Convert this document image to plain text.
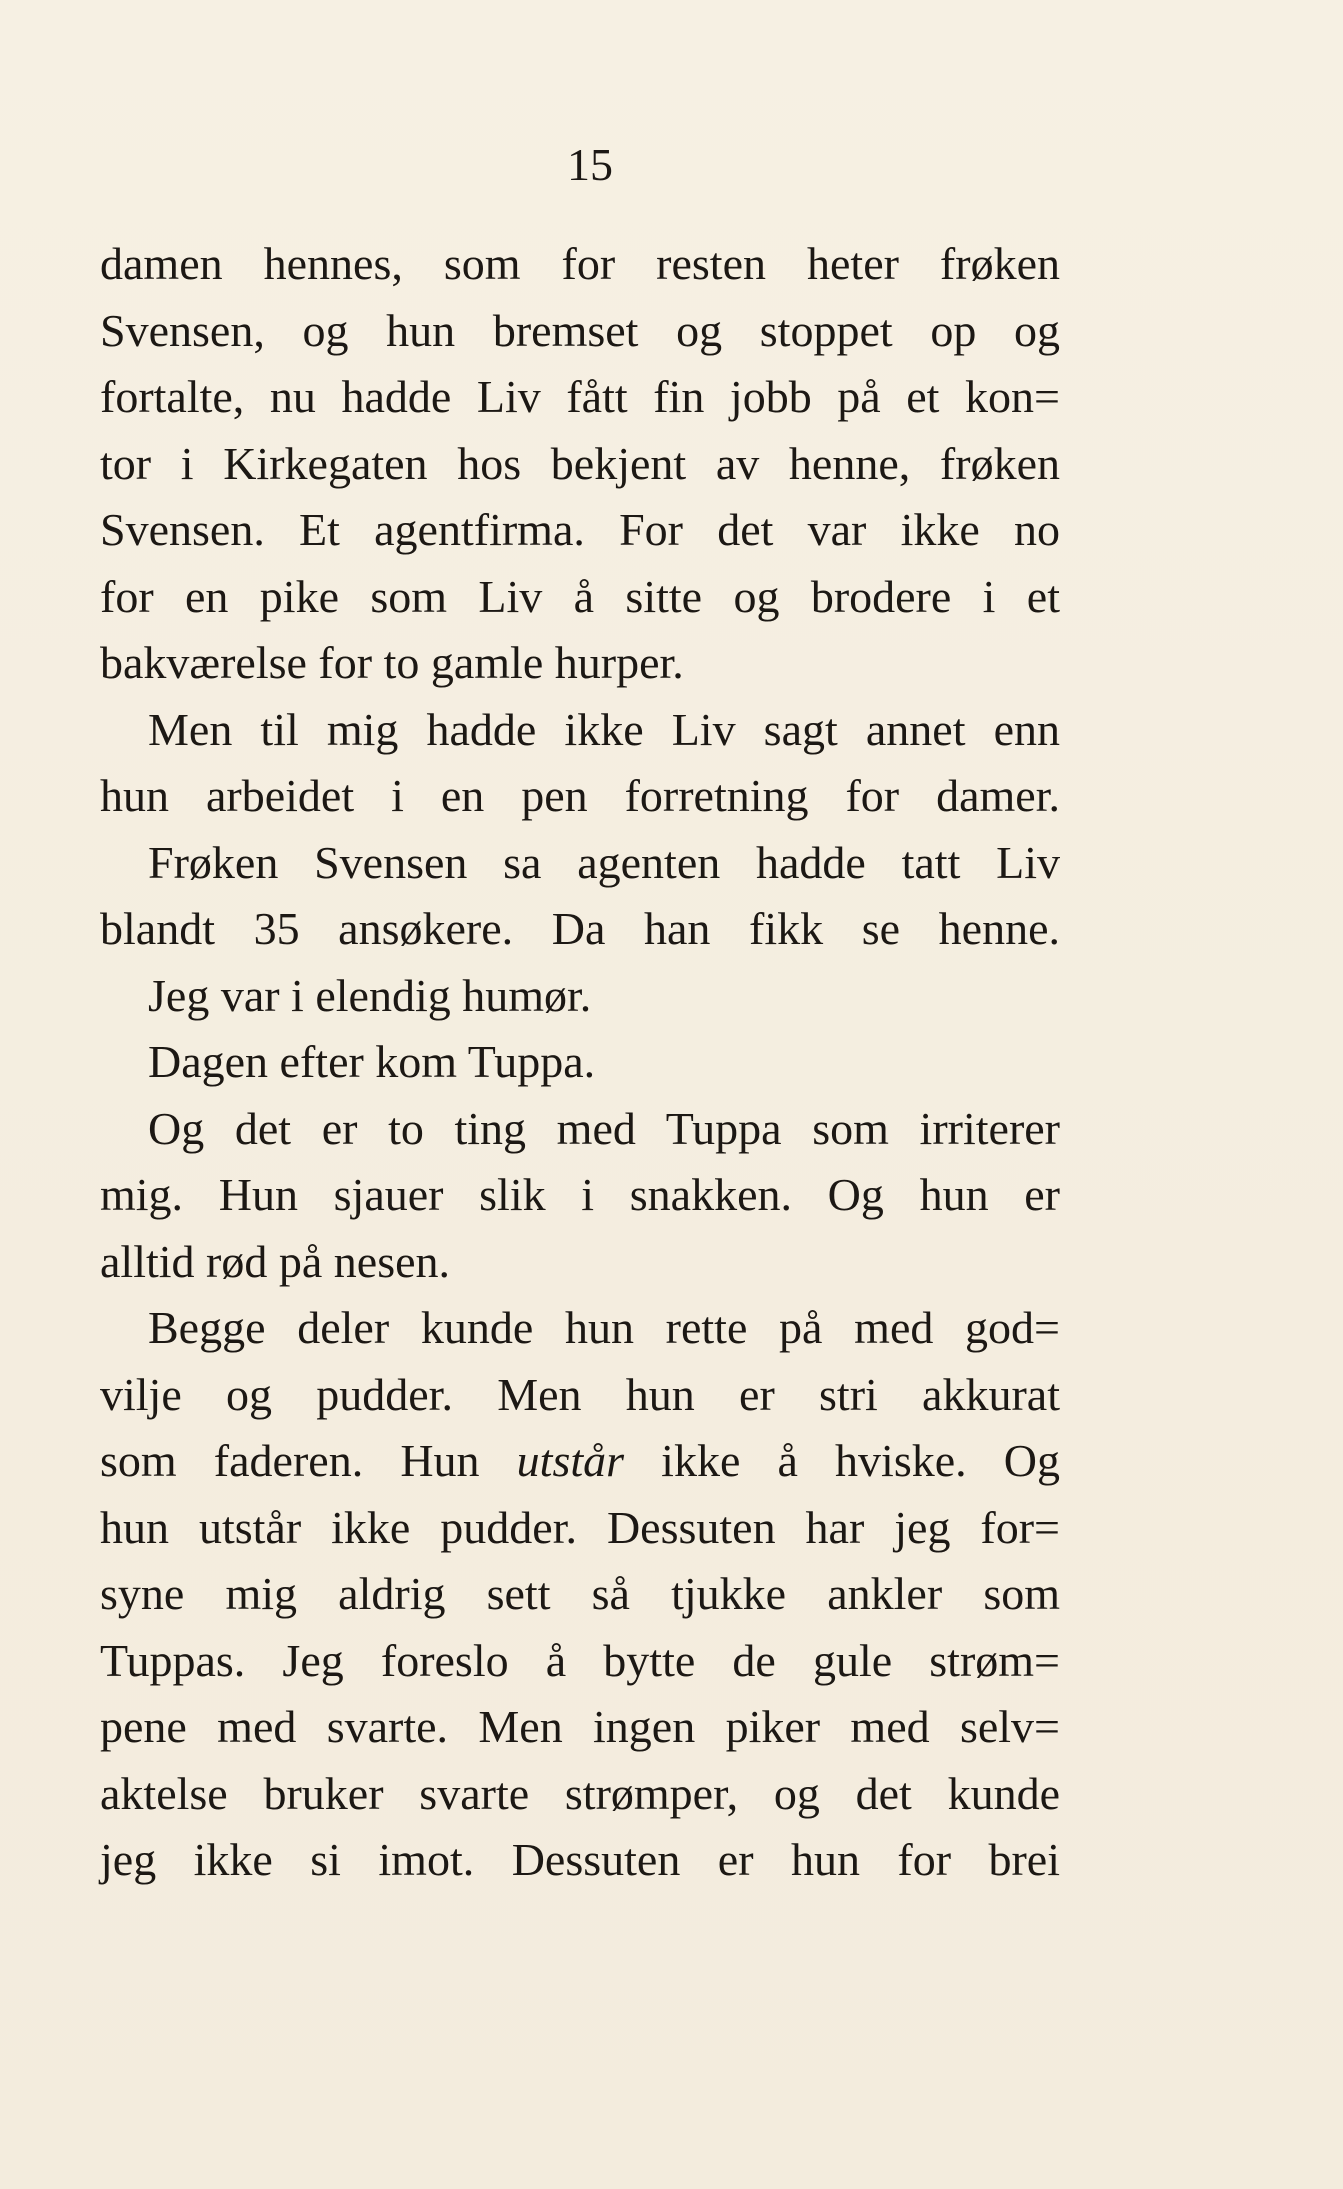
15
damen hennes, som for resten heter frøken
Svensen, og hun bremset og stoppet op og
fortalte, nu hadde Liv fått fin jobb på et kon=
tor i Kirkegaten hos bekjent av henne, frøken
Svensen. Et agentfirma. For det var ikke no
for en pike som Liv å sitte og brodere i et
bakværelse for to gamle hurper.
Men til mig hadde ikke Liv sagt annet enn
hun arbeidet i en pen forretning for damer.
Frøken Svensen sa agenten hadde tatt Liv
blandt 35 ansøkere. Da han fikk se henne.
Jeg var i elendig humør.
Dagen efter kom Tuppa.
Og det er to ting med Tuppa som irriterer
mig. Hun sjauer slik i snakken. Og hun er
alltid rød på nesen.
Begge deler kunde hun rette på med god=
vilje og pudder. Men hun er stri akkurat
som faderen. Hun utstår ikke å hviske. Og
hun utstår ikke pudder. Dessuten har jeg for=
syne mig aldrig sett så tjukke ankler som
Tuppas. Jeg foreslo å bytte de gule strøm=
pene med svarte. Men ingen piker med selv=
aktelse bruker svarte strømper, og det kunde
jeg ikke si imot. Dessuten er hun for brei
